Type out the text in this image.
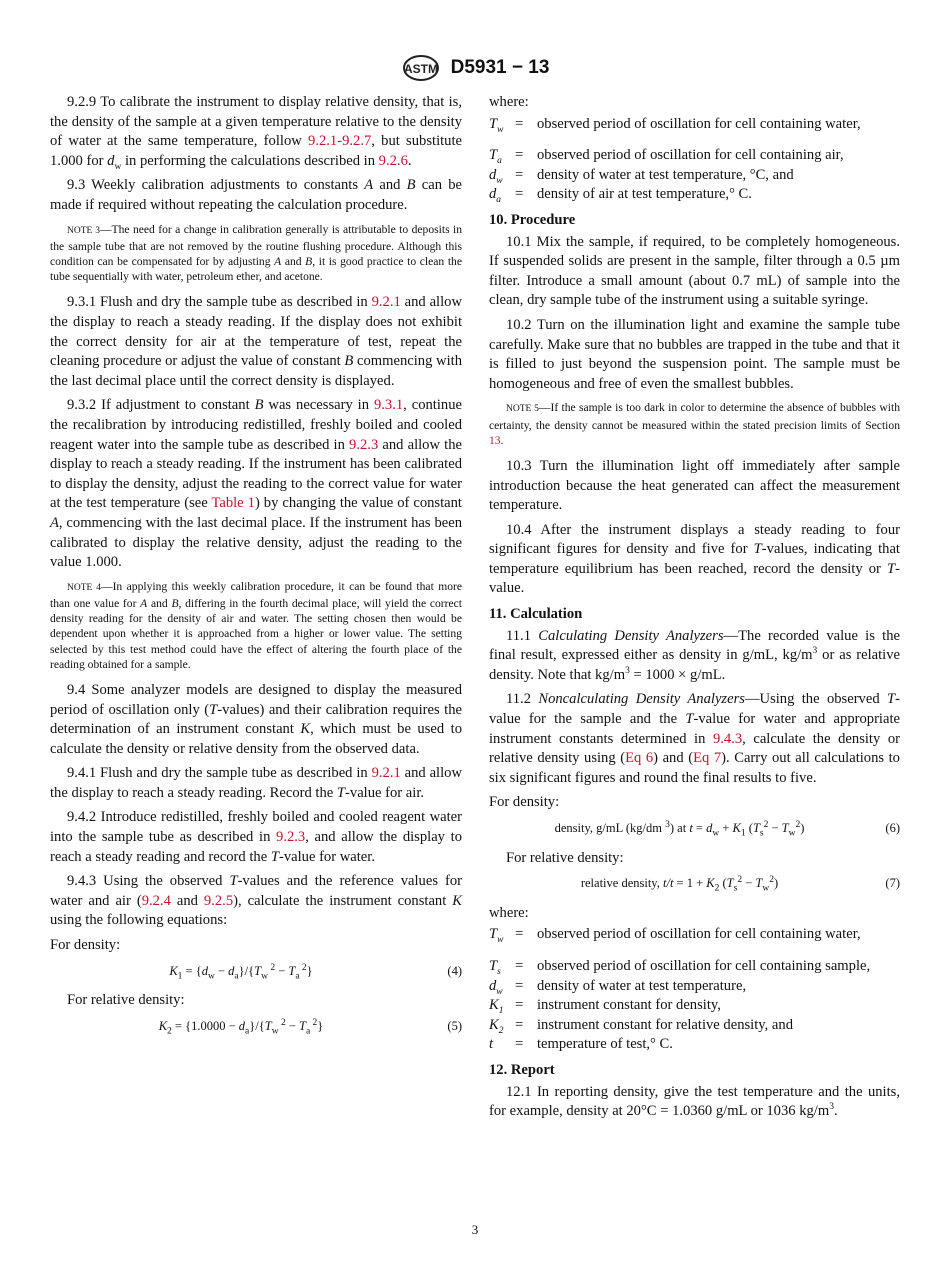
ASTM D5931 − 13

9.2.9 To calibrate the instrument to display relative density, that is, the density of the sample at a given temperature relative to the density of water at the same temperature, follow 9.2.1-9.2.7, but substitute 1.000 for $d_w$ in performing the calculations described in 9.2.6.

9.3 Weekly calibration adjustments to constants A and B can be made if required without repeating the calculation procedure.

NOTE 3—The need for a change in calibration generally is attributable to deposits in the sample tube that are not removed by the routine flushing procedure. Although this condition can be compensated for by adjusting A and B, it is good practice to clean the tube sequentially with water, petroleum ether, and acetone.

9.3.1 Flush and dry the sample tube as described in 9.2.1 and allow the display to reach a steady reading. If the display does not exhibit the correct density for air at the temperature of test, repeat the cleaning procedure or adjust the value of constant B commencing with the last decimal place until the correct density is displayed.

9.3.2 If adjustment to constant B was necessary in 9.3.1, continue the recalibration by introducing redistilled, freshly boiled and cooled reagent water into the sample tube as described in 9.2.3 and allow the display to reach a steady reading. If the instrument has been calibrated to display the density, adjust the reading to the correct value for water at the test temperature (see Table 1) by changing the value of constant A, commencing with the last decimal place. If the instrument has been calibrated to display the relative density, adjust the reading to the value 1.000.

NOTE 4—In applying this weekly calibration procedure, it can be found that more than one value for A and B, differing in the fourth decimal place, will yield the correct density reading for the density of air and water. The setting chosen then would be dependent upon whether it is approached from a higher or lower value. The setting selected by this test method could have the effect of altering the fourth place of the reading obtained for a sample.

9.4 Some analyzer models are designed to display the measured period of oscillation only (T-values) and their calibration requires the determination of an instrument constant K, which must be used to calculate the density or relative density from the observed data.

9.4.1 Flush and dry the sample tube as described in 9.2.1 and allow the display to reach a steady reading. Record the T-value for air.

9.4.2 Introduce redistilled, freshly boiled and cooled reagent water into the sample tube as described in 9.2.3, and allow the display to reach a steady reading and record the T-value for water.

9.4.3 Using the observed T-values and the reference values for water and air (9.2.4 and 9.2.5), calculate the instrument constant K using the following equations:

For density:

$K_1 = \{d_w - d_a\}/\{T_w$ $^2 - T_a$ $^2$}	(4)

For relative density:

$K_2 = \{1.0000 - d_a\}/\{T_w$ $^2 - T_a$ $^2$}	(5)

where:

$T_w$ = observed period of oscillation for cell containing water,
$T_a$ = observed period of oscillation for cell containing air,
$d_w$ = density of water at test temperature, °C, and
$d_a$ = density of air at test temperature,° C.
10. Procedure

10.1 Mix the sample, if required, to be completely homogeneous. If suspended solids are present in the sample, filter through a 0.5 µm filter. Introduce a small amount (about 0.7 mL) of sample into the clean, dry sample tube of the instrument using a suitable syringe.

10.2 Turn on the illumination light and examine the sample tube carefully. Make sure that no bubbles are trapped in the tube and that it is filled to just beyond the suspension point. The sample must be homogeneous and free of even the smallest bubbles.

NOTE 5—If the sample is too dark in color to determine the absence of bubbles with certainty, the density cannot be measured within the stated precision limits of Section 13.

10.3 Turn the illumination light off immediately after sample introduction because the heat generated can affect the measurement temperature.

10.4 After the instrument displays a steady reading to four significant figures for density and five for T-values, indicating that temperature equilibrium has been reached, record the density or T-value.

11. Calculation

11.1 Calculating Density Analyzers—The recorded value is the final result, expressed either as density in g/mL, $kg/m^3$ or as relative density. Note that $kg/m^3 = 1000 \times g/mL$.

11.2 Noncalculating Density Analyzers—Using the observed T-value for the sample and the T-value for water and appropriate instrument constants determined in 9.4.3, calculate the density or relative density using (Eq 6) and (Eq 7). Carry out all calculations to six significant figures and round the final results to five.

For density:

density, g/mL (kg/dm $^3$) at $t = d_w + K_1$ $(T_s^2 - T_w^2)$	(6)

For relative density:

relative density, $t/t = 1 + K_2$ $(T_s^2 - T_w^2)$	(7)

where:

$T_w$ = observed period of oscillation for cell containing water,
$T_s$ = observed period of oscillation for cell containing sample,
$d_w$ = density of water at test temperature,
$K_1$ = instrument constant for density,
$K_2$ = instrument constant for relative density, and
t	= temperature of test,° C.
12. Report

12.1 In reporting density, give the test temperature and the units, for example, density at 20°C = 1.0360 g/mL or 1036 $kg/m^3$.

3
